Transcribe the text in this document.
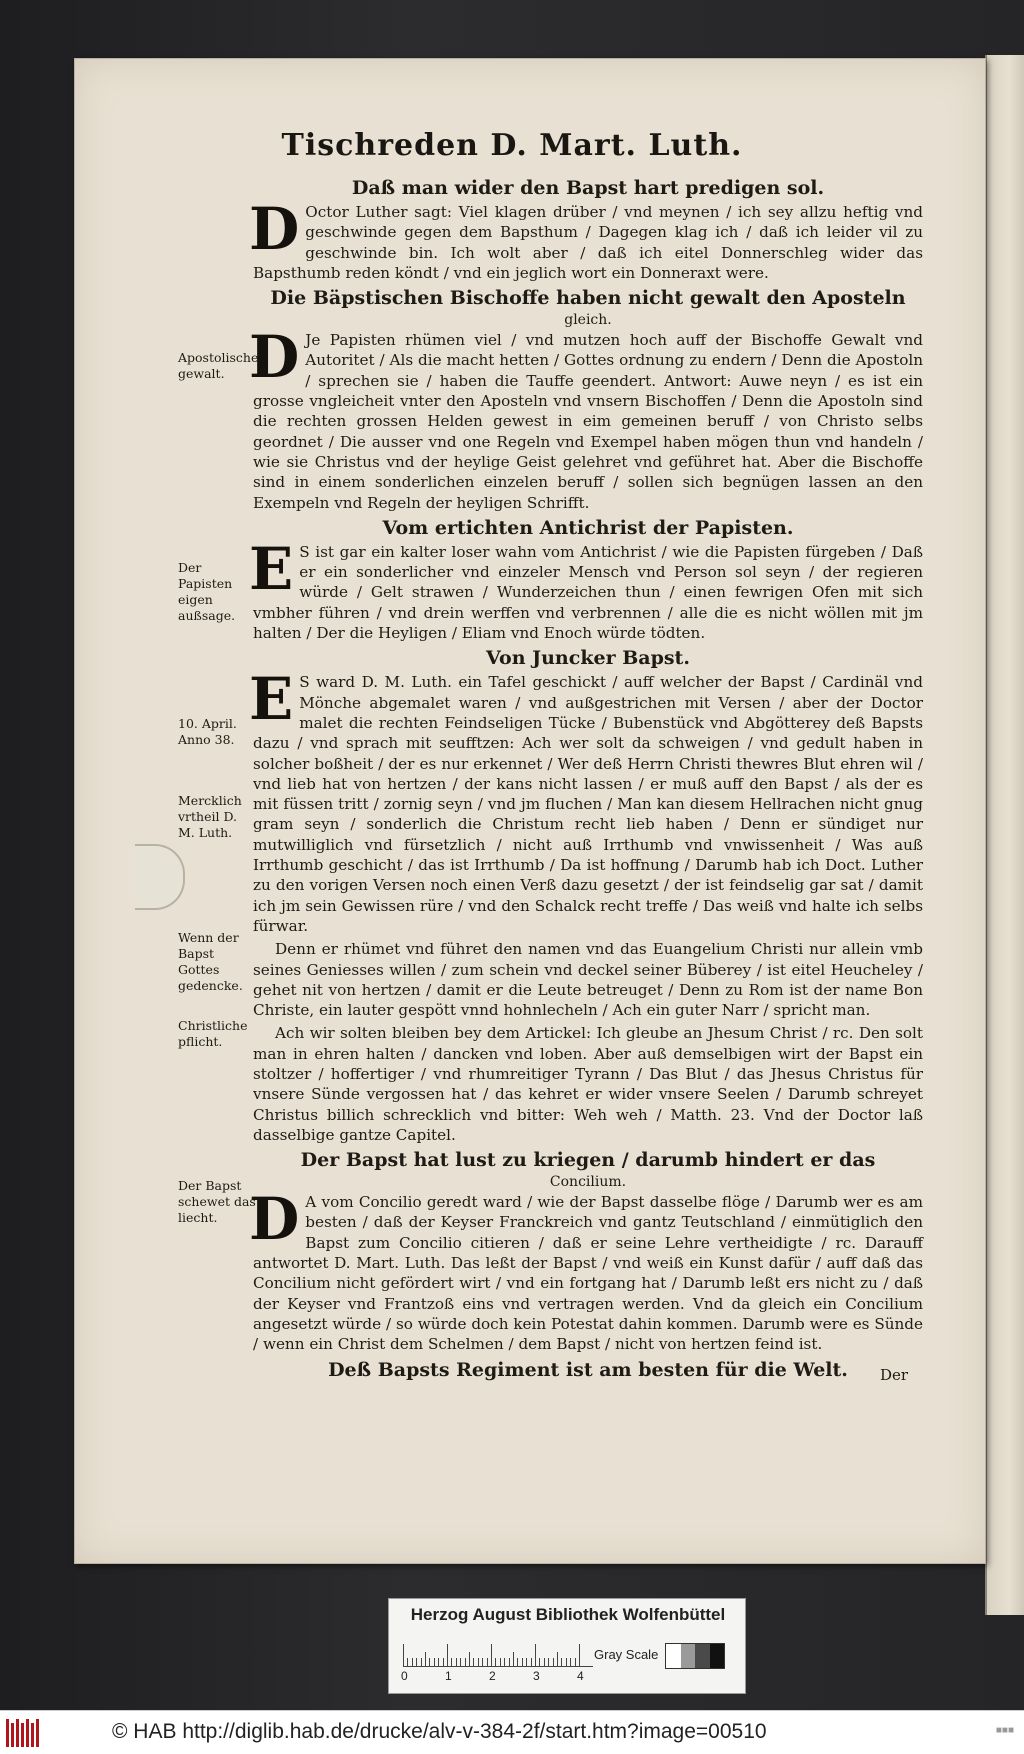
Tischreden D. Mart. Luth.
Daß man wider den Bapst hart predigen sol.
D Octor Luther sagt: Viel klagen drüber / vnd meynen / ich sey allzu heftig vnd geschwinde gegen dem Bapsthum / Dagegen klag ich / daß ich leider vil zu geschwinde bin. Ich wolt aber / daß ich eitel Donnerschleg wider das Bapsthumb reden köndt / vnd ein jeglich wort ein Donneraxt were.
Die Bäpstischen Bischoffe haben nicht gewalt den Aposteln
gleich.
D Je Papisten rhümen viel / vnd mutzen hoch auff der Bischoffe Gewalt vnd Autoritet / Als die macht hetten / Gottes ordnung zu endern / Denn die Apostoln / sprechen sie / haben die Tauffe geendert. Antwort: Auwe neyn / es ist ein grosse vngleicheit vnter den Aposteln vnd vnsern Bischoffen / Denn die Apostoln sind die rechten grossen Helden gewest in eim gemeinen beruff / von Christo selbs geordnet / Die ausser vnd one Regeln vnd Exempel haben mögen thun vnd handeln / wie sie Christus vnd der heylige Geist gelehret vnd geführet hat. Aber die Bischoffe sind in einem sonderlichen einzelen beruff / sollen sich begnügen lassen an den Exempeln vnd Regeln der heyligen Schrifft.
Vom ertichten Antichrist der Papisten.
E S ist gar ein kalter loser wahn vom Antichrist / wie die Papisten fürgeben / Daß er ein sonderlicher vnd einzeler Mensch vnd Person sol seyn / der regieren würde / Gelt strawen / Wunderzeichen thun / einen fewrigen Ofen mit sich vmbher führen / vnd drein werffen vnd verbrennen / alle die es nicht wöllen mit jm halten / Der die Heyligen / Eliam vnd Enoch würde tödten.
Von Juncker Bapst.
E S ward D. M. Luth. ein Tafel geschickt / auff welcher der Bapst / Cardinäl vnd Mönche abgemalet waren / vnd außgestrichen mit Versen / aber der Doctor malet die rechten Feindseligen Tücke / Bubenstück vnd Abgötterey deß Bapsts dazu / vnd sprach mit seufftzen: Ach wer solt da schweigen / vnd gedult haben in solcher boßheit / der es nur erkennet / Wer deß Herrn Christi thewres Blut ehren wil / vnd lieb hat von hertzen / der kans nicht lassen / er muß auff den Bapst / als der es mit füssen tritt / zornig seyn / vnd jm fluchen / Man kan diesem Hellrachen nicht gnug gram seyn / sonderlich die Christum recht lieb haben / Denn er sündiget nur mutwilliglich vnd fürsetzlich / nicht auß Irrthumb vnd vnwissenheit / Was auß Irrthumb geschicht / das ist Irrthumb / Da ist hoffnung / Darumb hab ich Doct. Luther zu den vorigen Versen noch einen Verß dazu gesetzt / der ist feindselig gar sat / damit ich jm sein Gewissen rüre / vnd den Schalck recht treffe / Das weiß vnd halte ich selbs fürwar.
Denn er rhümet vnd führet den namen vnd das Euangelium Christi nur allein vmb seines Geniesses willen / zum schein vnd deckel seiner Büberey / ist eitel Heucheley / gehet nit von hertzen / damit er die Leute betreuget / Denn zu Rom ist der name Bon Christe, ein lauter gespött vnnd hohnlecheln / Ach ein guter Narr / spricht man.
Ach wir solten bleiben bey dem Artickel: Ich gleube an Jhesum Christ / rc. Den solt man in ehren halten / dancken vnd loben. Aber auß demselbigen wirt der Bapst ein stoltzer / hoffertiger / vnd rhumreitiger Tyrann / Das Blut / das Jhesus Christus für vnsere Sünde vergossen hat / das kehret er wider vnsere Seelen / Darumb schreyet Christus billich schrecklich vnd bitter: Weh weh / Matth. 23. Vnd der Doctor laß dasselbige gantze Capitel.
Der Bapst hat lust zu kriegen / darumb hindert er das
Concilium.
D A vom Concilio geredt ward / wie der Bapst dasselbe flöge / Darumb wer es am besten / daß der Keyser Franckreich vnd gantz Teutschland / einmütiglich den Bapst zum Concilio citieren / daß er seine Lehre vertheidigte / rc. Darauff antwortet D. Mart. Luth. Das leßt der Bapst / vnd weiß ein Kunst dafür / auff daß das Concilium nicht gefördert wirt / vnd ein fortgang hat / Darumb leßt ers nicht zu / daß der Keyser vnd Frantzoß eins vnd vertragen werden. Vnd da gleich ein Concilium angesetzt würde / so würde doch kein Potestat dahin kommen. Darumb were es Sünde / wenn ein Christ dem Schelmen / dem Bapst / nicht von hertzen feind ist.
Deß Bapsts Regiment ist am besten für die Welt.
Apostolische gewalt.
Der Papisten eigen außsage.
10. April. Anno 38.
Mercklich vrtheil D. M. Luth.
Wenn der Bapst Gottes gedencke.
Christliche pflicht.
Der Bapst schewet das liecht.
Der
Herzog August Bibliothek Wolfenbüttel
0	1	2	3	4
Gray Scale
© HAB http://diglib.hab.de/drucke/alv-v-384-2f/start.htm?image=00510	■■■
